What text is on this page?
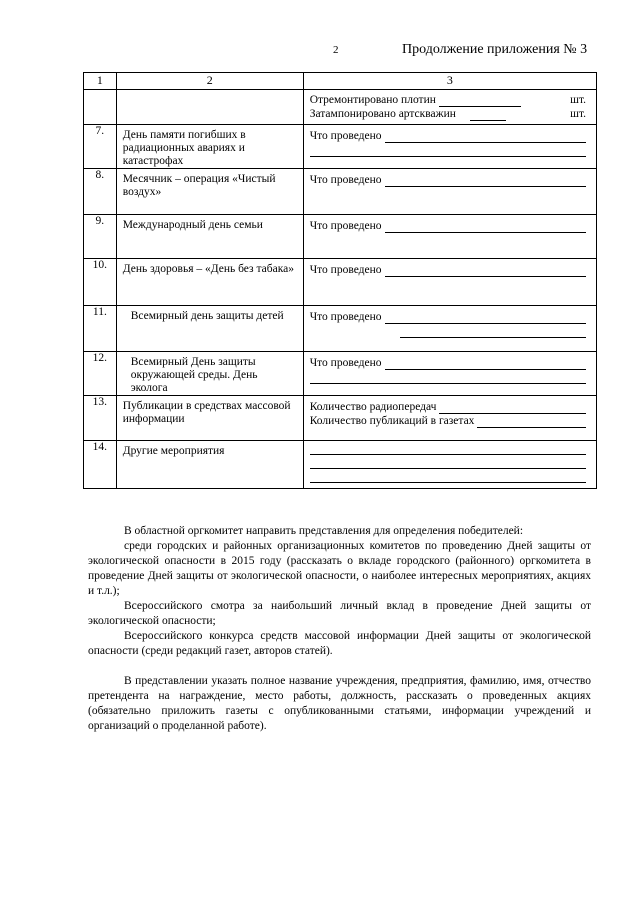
2	Продолжение приложения № 3
1	2	3

		Отремонтировано плотин шт.
Затампонировано артскважин шт.

7.	День памяти погибших в радиационных авариях и катастрофах	Что проведено

8.	Месячник – операция «Чистый воздух»	Что проведено

9.	Международный день семьи	Что проведено

10.	День здоровья – «День без табака»	Что проведено

11.	Всемирный день защиты детей	Что проведено

12.	Всемирный День защиты окружающей среды. День эколога	Что проведено

13.	Публикации в средствах массовой информации	Количество радиопередач
Количество публикаций в газетах

14.	Другие мероприятия	

В областной оргкомитет направить представления для определения победителей:

среди городских и районных организационных комитетов по проведению Дней защиты от экологической опасности в 2015 году (рассказать о вкладе городского (районного) оргкомитета в проведение Дней защиты от экологической опасности, о наиболее интересных мероприятиях, акциях и т.л.);

Всероссийского смотра за наибольший личный вклад в проведение Дней защиты от экологической опасности;

Всероссийского конкурса средств массовой информации Дней защиты от экологической опасности (среди редакций газет, авторов статей).

В представлении указать полное название учреждения, предприятия, фамилию, имя, отчество претендента на награждение, место работы, должность, рассказать о проведенных акциях (обязательно приложить газеты с опубликованными статьями, информации учреждений и организаций о проделанной работе).
